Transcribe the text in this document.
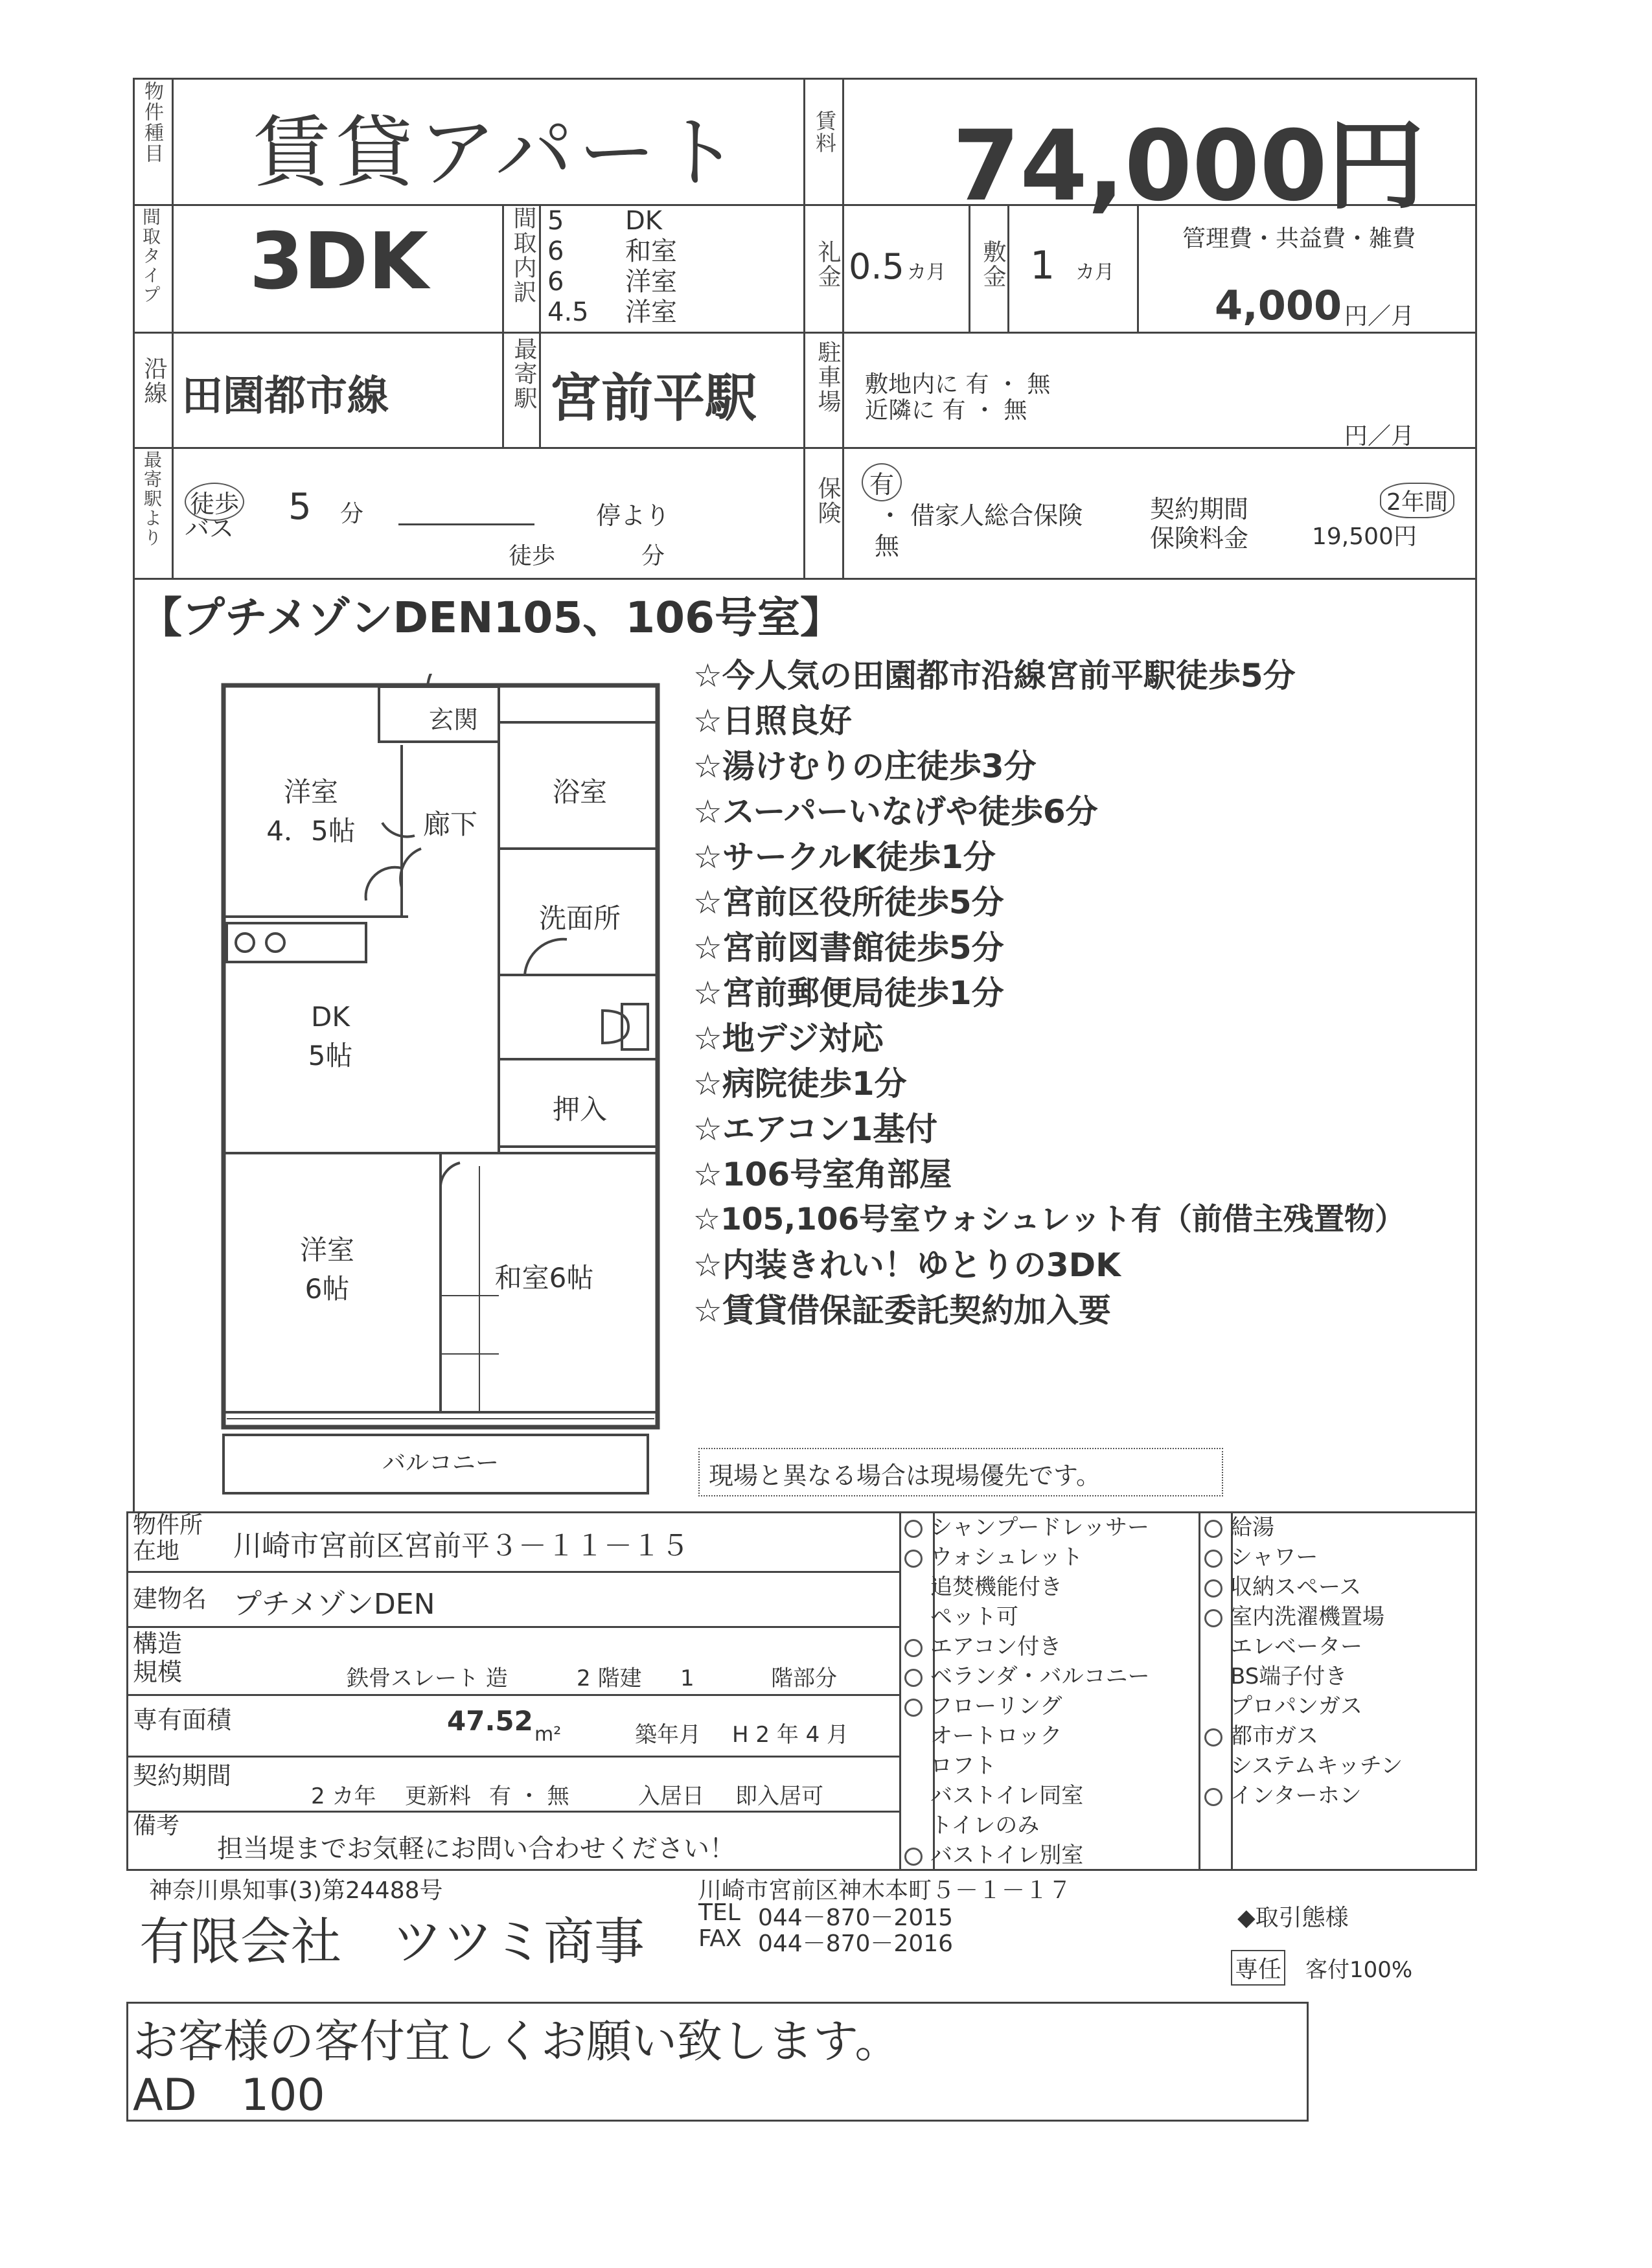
物件種目 賃貸アパート	賃料 74,000円
間取タイプ 3DK	間取内訳 5 DK
6 和室
6 洋室
4.5 洋室
礼金 0.5 カ月 敷金 1 カ月
管理費・共益費・雑費
4,000 円／月
沿線 田園都市線	最寄駅 宮前平駅 駐車場 敷地内に 有 ・ 無
近隣に 有 ・ 無
円／月
最寄駅より 徒歩
バス
5 分	停より
徒歩	分
保険	有
・ 借家人総合保険
無
契約期間	2年間
保険料金	19,500円
【プチメゾンDEN105、106号室】
洋室
4．5帖
玄関
廊下
浴室
洗面所
DK
5帖
押入
洋室
6帖	和室6帖
バルコニー
☆今人気の田園都市沿線宮前平駅徒歩5分
☆日照良好
☆湯けむりの庄徒歩3分
☆スーパーいなげや徒歩6分
☆サークルK徒歩1分
☆宮前区役所徒歩5分
☆宮前図書館徒歩5分
☆宮前郵便局徒歩1分
☆地デジ対応
☆病院徒歩1分
☆エアコン1基付
☆106号室角部屋
☆105,106号室ウォシュレット有（前借主残置物）
☆内装きれい！ゆとりの3DK
☆賃貸借保証委託契約加入要
現場と異なる場合は現場優先です。
物件所在地	川崎市宮前区宮前平３－１１－１５
建物名 プチメゾンDEN
構造規模	鉄骨スレート 造	2 階建 1	階部分
専有面積	47.52 m²	築年月 H 2 年 4 月
契約期間
2 カ年 更新料 有 ・ 無	入居日 即入居可
備考
担当堤までお気軽にお問い合わせください！
シャンプードレッサー
ウォシュレット
追焚機能付き
ペット可
エアコン付き
ベランダ・バルコニー
フローリング
オートロック
ロフト
バストイレ同室
トイレのみ
バストイレ別室
給湯
シャワー
収納スペース
室内洗濯機置場
エレベーター
BS端子付き
プロパンガス
都市ガス
システムキッチン
インターホン
神奈川県知事(3)第24488号
有限会社　ツツミ商事
川崎市宮前区神木本町５－１－１７
TEL 044－870－2015
FAX 044－870－2016
◆取引態様
専任 客付100%
お客様の客付宜しくお願い致します。
AD　100
